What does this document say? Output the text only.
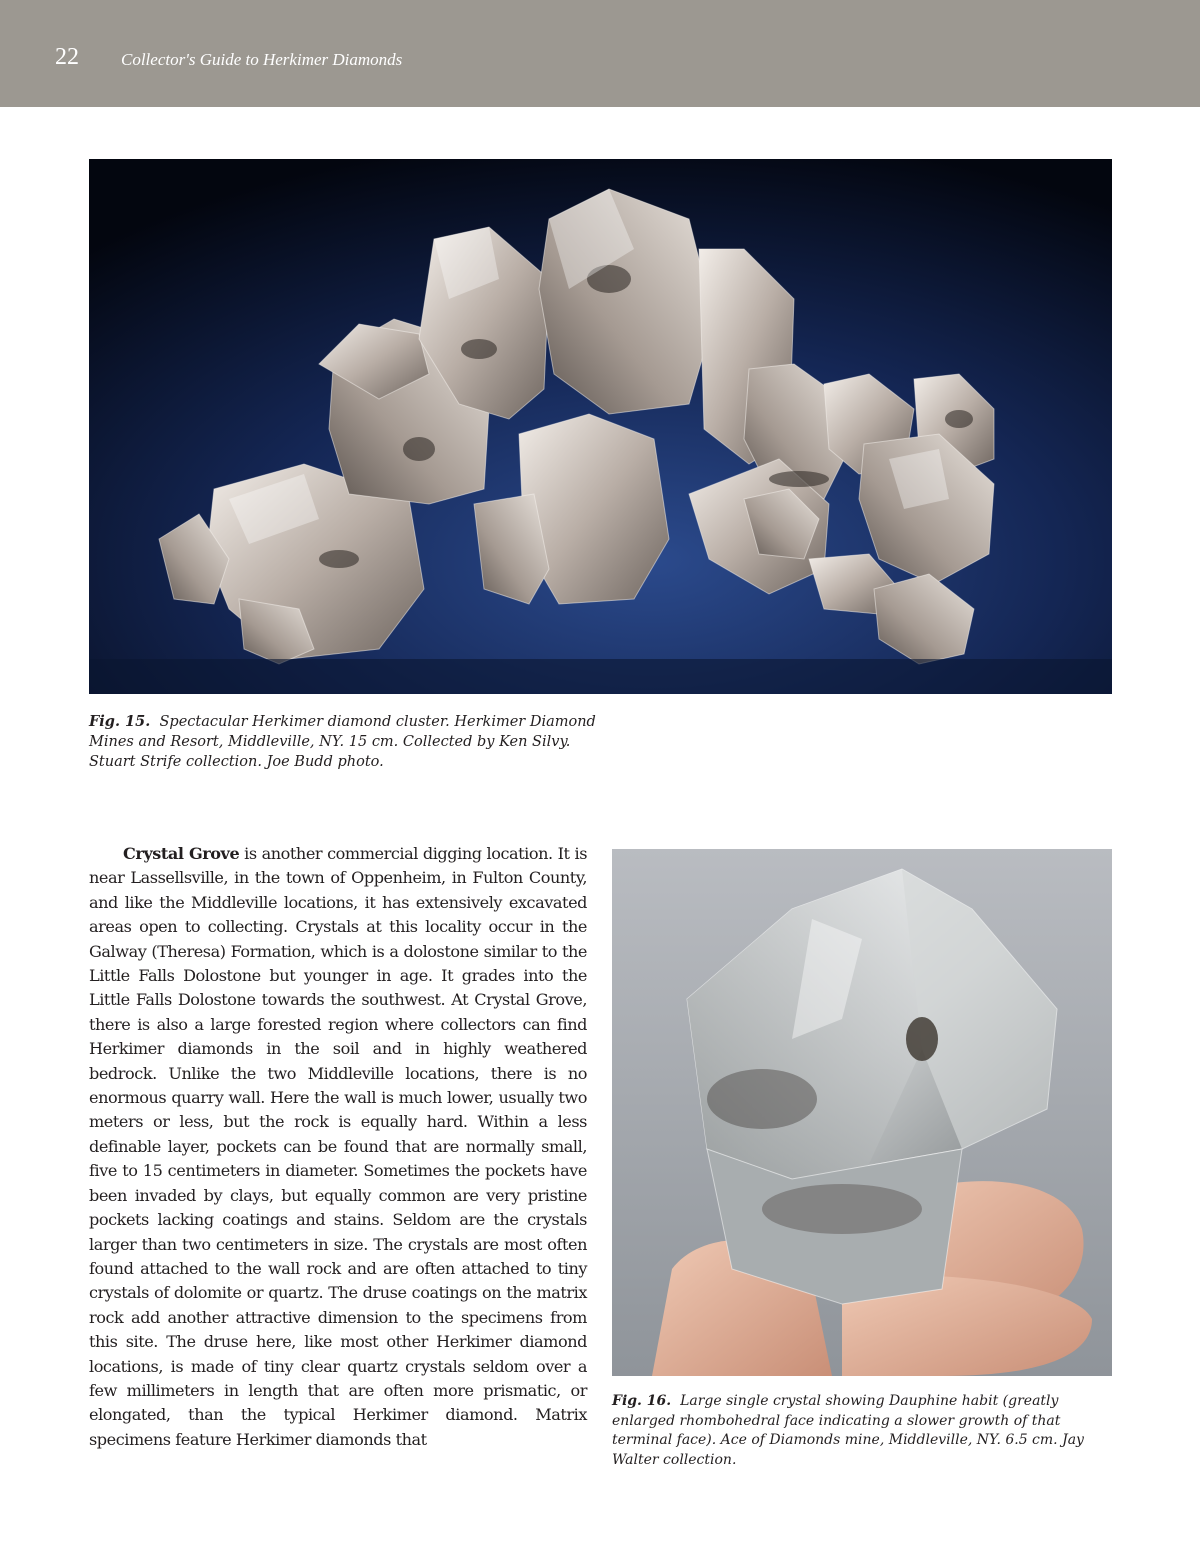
22 Collector's Guide to Herkimer Diamonds
Fig. 15. Spectacular Herkimer diamond cluster. Herkimer Diamond Mines and Resort, Middleville, NY. 15 cm. Collected by Ken Silvy. Stuart Strife collection. Joe Budd photo.

Crystal Grove is another commercial digging location. It is near Lassellsville, in the town of Oppenheim, in Fulton County, and like the Middleville locations, it has extensively excavated areas open to collecting. Crystals at this locality occur in the Galway (Theresa) Formation, which is a dolostone similar to the Little Falls Dolostone but younger in age. It grades into the Little Falls Dolostone towards the southwest. At Crystal Grove, there is also a large forested region where collectors can find Herkimer diamonds in the soil and in highly weathered bedrock. Unlike the two Middleville locations, there is no enormous quarry wall. Here the wall is much lower, usually two meters or less, but the rock is equally hard. Within a less definable layer, pockets can be found that are normally small, five to 15 centimeters in diameter. Sometimes the pockets have been invaded by clays, but equally common are very pristine pockets lacking coatings and stains. Seldom are the crystals larger than two centimeters in size. The crystals are most often found attached to the wall rock and are often attached to tiny crystals of dolomite or quartz. The druse coatings on the matrix rock add another attractive dimension to the specimens from this site. The druse here, like most other Herkimer diamond locations, is made of tiny clear quartz crystals seldom over a few millimeters in length that are often more prismatic, or elongated, than the typical Herkimer diamond. Matrix specimens feature Herkimer diamonds that

Fig. 16. Large single crystal showing Dauphine habit (greatly enlarged rhombohedral face indicating a slower growth of that terminal face). Ace of Diamonds mine, Middleville, NY. 6.5 cm. Jay Walter collection.
